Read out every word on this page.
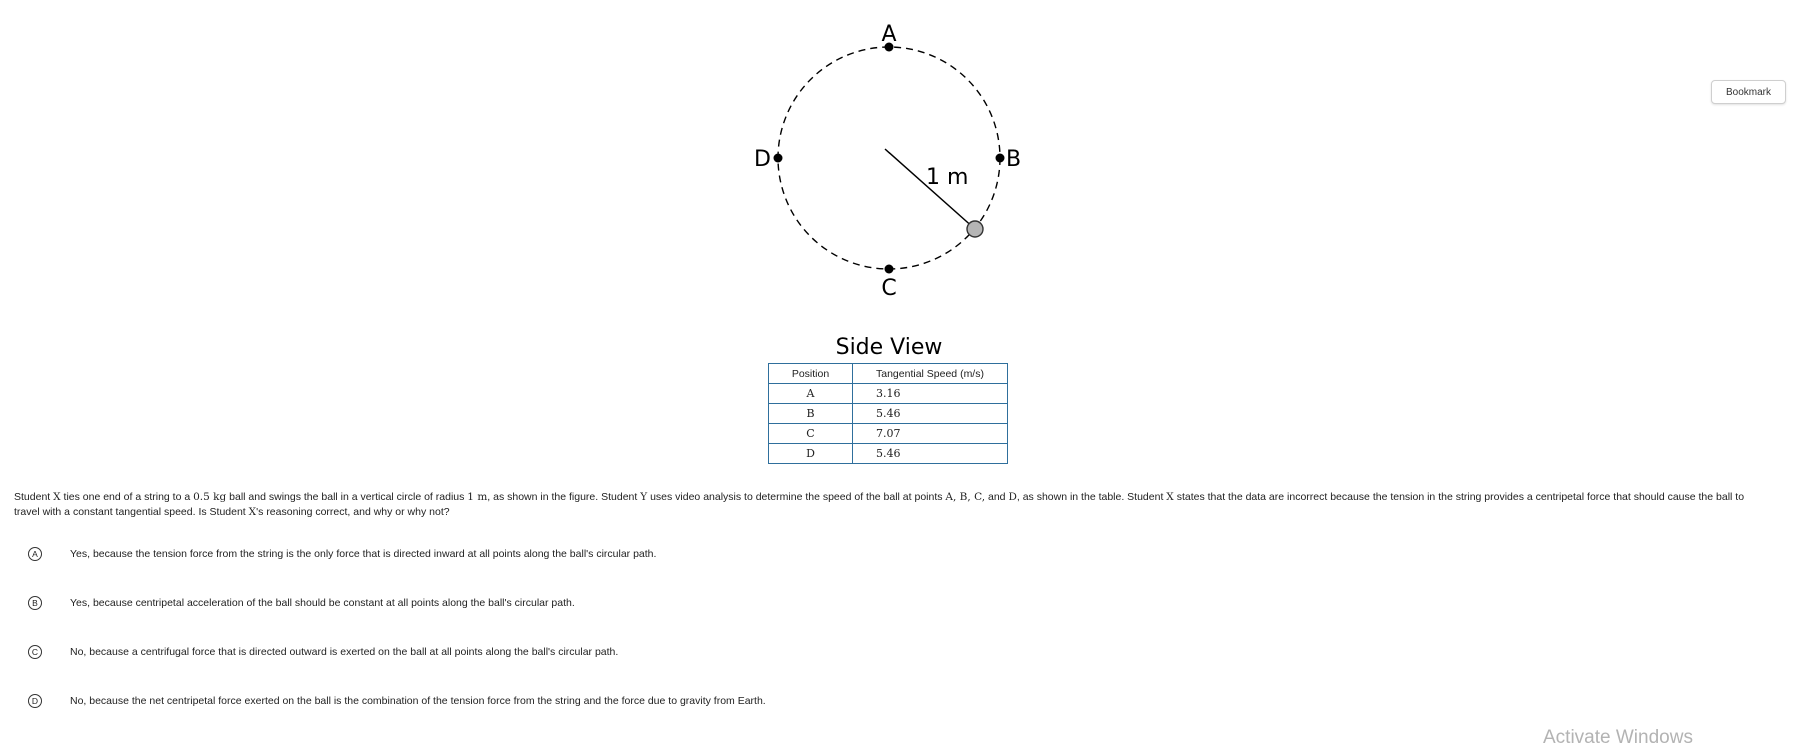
A
B
C
D
1 m
Side View
Bookmark
Position	Tangential Speed (m/s)
A	3.16
B	5.46
C	7.07
D	5.46

Student X ties one end of a string to a 0.5 kg ball and swings the ball in a vertical circle of radius 1 m, as shown in the figure. Student Y uses video analysis to determine the speed of the ball at points A, B, C, and D, as shown in the table. Student X states that the data are incorrect because the tension in the string provides a centripetal force that should cause the ball to travel with a constant tangential speed. Is Student X's reasoning correct, and why or why not?

A	Yes, because the tension force from the string is the only force that is directed inward at all points along the ball's circular path.
B	Yes, because centripetal acceleration of the ball should be constant at all points along the ball's circular path.
C	No, because a centrifugal force that is directed outward is exerted on the ball at all points along the ball's circular path.
D	No, because the net centripetal force exerted on the ball is the combination of the tension force from the string and the force due to gravity from Earth.
Activate Windows
